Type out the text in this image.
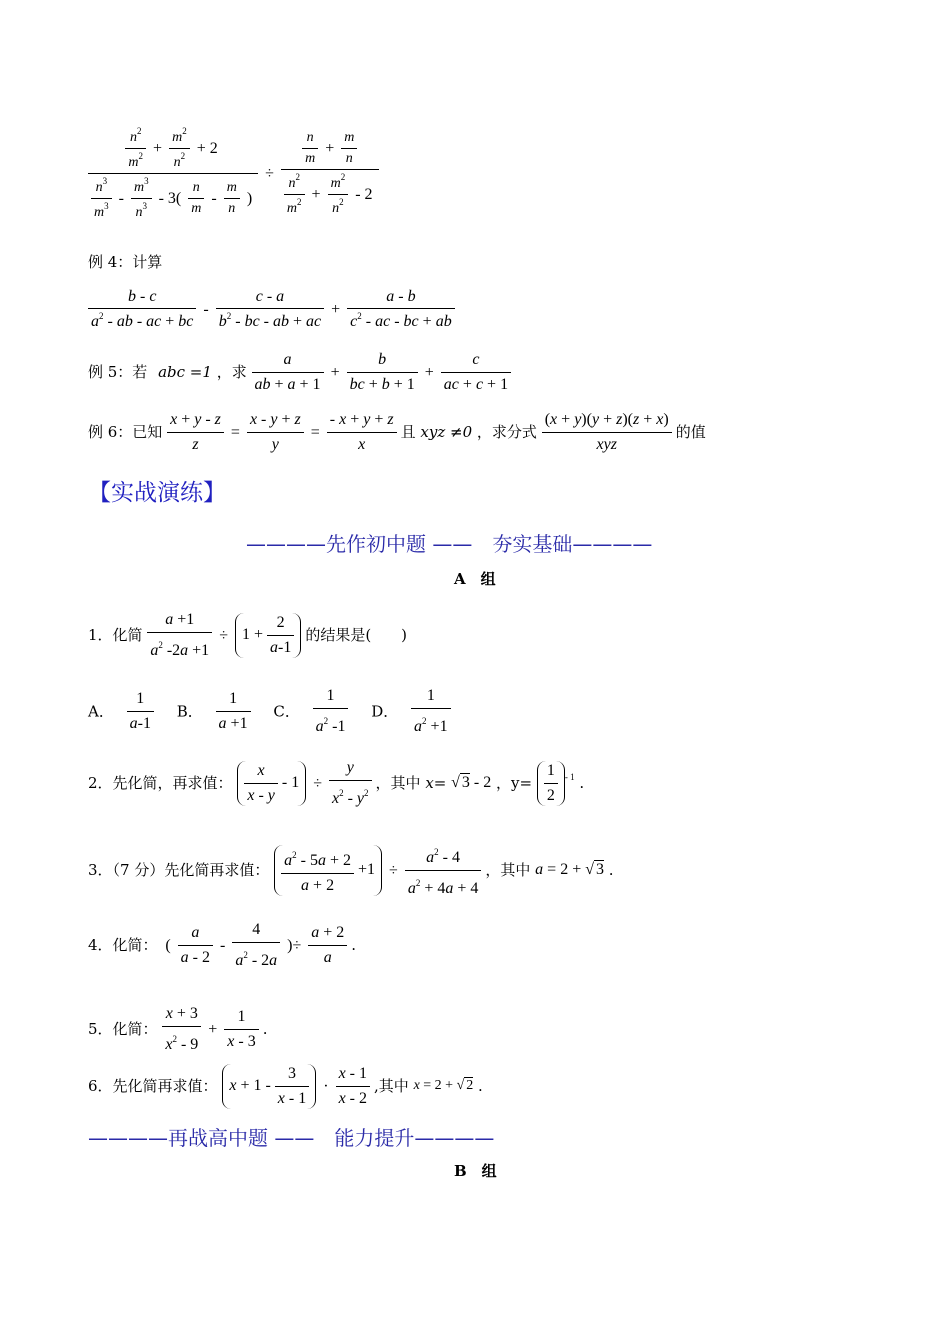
$\frac{n^2}{m^2} + \frac{m^2}{n^2} + 2$
$\frac{n^3}{m^3} - \frac{m^3}{n^3} - 3( \frac{n}{m} - \frac{m}{n}$ )
÷ $\frac{\frac{n}{m} + \frac{m}{n}}{\frac{n^2}{m^2} + \frac{m^2}{n^2} - 2}$
例 4：计算
$\frac{b - c}{a^2 - ab - ac + bc} - \frac{c - a}{b^2 - bc - ab + ac} + \frac{a - b}{c^2 - ac - bc + ab}$
例 5：若 abc =1 ，求 $\frac{a}{ab + a + 1} + \frac{b}{bc + b + 1} + \frac{c}{ac + c + 1}$
例 6：已知 $\frac{x + y - z}{z} = \frac{x - y + z}{y} = \frac{- x + y + z}{x}$ 且 xyz ≠0 ，求分式 $\frac{(x + y)(y + z)(z + x)}{\text{xyz}}$ 的值
【实战演练】
————先作初中题 ——　夯实基础————
A　组
1．化简 $\frac{a +1}{a^2 -2a +1} \div 1 + \frac{2}{a-1}$ 的结果是(　　)
A． $\frac{1}{a-1}$ B． $\frac{1}{a +1}$ C． $\frac{1}{a^2 -1}$ D． $\frac{1}{a^2 +1}$
2．先化简，再求值： $\frac{x}{x - y} - 1 \div \frac{y}{x^2 - y^2}$ ，其中 x= √ 3 - 2 ，$y= \frac{1}{2} ^{- 1}$ .
3．（7 分）先化简再求值： $\frac{a^2 - 5a + 2}{a + 2} +1 \div \frac{a^2 - 4}{a^2 + 4a + 4}$ ，其中 a = 2 + √ 3 .
4．化简： ( $\frac{a}{a - 2} - \frac{4}{a^2 - 2a}$ )÷ $\frac{a + 2}{a}$ .
5．化简： $\frac{x + 3}{x^2 - 9} + \frac{1}{x - 3}$ .
6．先化简再求值： $x + 1 - \frac{3}{x - 1} \cdot \frac{x - 1}{x - 2}$ ,其中 x = 2 + √ 2 .
————再战高中题 ——　能力提升————
B　组
